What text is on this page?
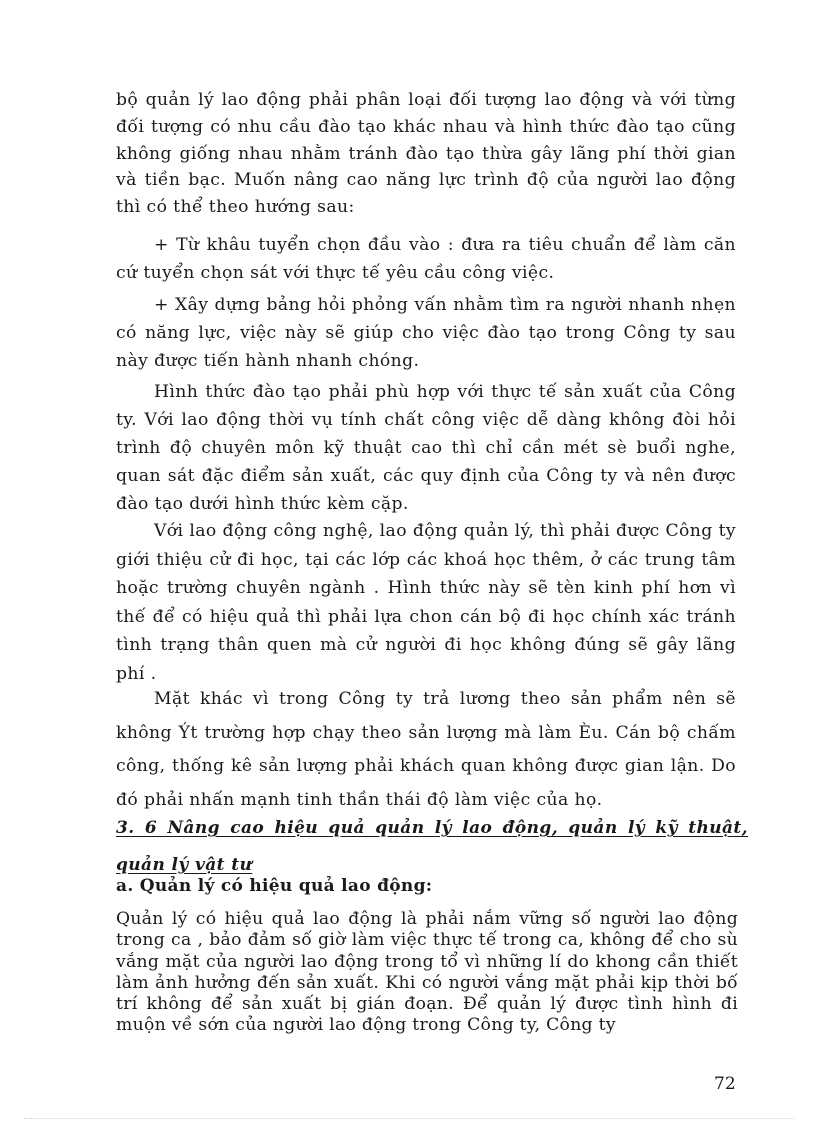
bộ quản lý lao động phải phân loại đối tượng lao động và với từng đối tượng có nhu cầu đào tạo khác nhau và hình thức đào tạo cũng không giống nhau nhằm tránh đào tạo thừa gây lãng phí thời gian và tiền bạc. Muốn nâng cao năng lực trình độ của người lao động thì có thể theo hướng sau:

+ Từ khâu tuyển chọn đầu vào : đưa ra tiêu chuẩn để làm căn cứ tuyển chọn sát với thực tế yêu cầu công việc.

+ Xây dựng bảng hỏi phỏng vấn nhằm tìm ra người nhanh nhẹn có năng lực, việc này sẽ giúp cho việc đào tạo trong Công ty sau này được tiến hành nhanh chóng.

Hình thức đào tạo phải phù hợp với thực tế sản xuất của Công ty. Với lao động thời vụ tính chất công việc dễ dàng không đòi hỏi trình độ chuyên môn kỹ thuật cao thì chỉ cần mét sè buổi nghe, quan sát đặc điểm sản xuất, các quy định của Công ty và nên được đào tạo dưới hình thức kèm cặp.

Với lao động công nghệ, lao động quản lý, thì phải được Công ty giới thiệu cử đi học, tại các lớp các khoá học thêm, ở các trung tâm hoặc trường chuyên ngành . Hình thức này sẽ tèn kinh phí hơn vì thế để có hiệu quả thì phải lựa chon cán bộ đi học chính xác tránh tình trạng thân quen mà cử người đi học không đúng sẽ gây lãng phí .

Mặt khác vì trong Công ty trả lương theo sản phẩm nên sẽ không Ýt trường hợp chạy theo sản lượng mà làm Èu. Cán bộ chấm công, thống kê sản lượng phải khách quan không được gian lận. Do đó phải nhấn mạnh tinh thần thái độ làm việc của họ.

3. 6 Nâng cao hiệu quả quản lý lao động, quản lý kỹ thuật, quản lý vật tư

a. Quản lý có hiệu quả lao động:

Quản lý có hiệu quả lao động là phải nắm vững số người lao động trong ca , bảo đảm số giờ làm việc thực tế trong ca, không để cho sù vắng mặt của người lao động trong tổ vì những lí do khong cần thiết làm ảnh hưởng đến sản xuất. Khi có người vắng mặt phải kịp thời bố trí không để sản xuất bị gián đoạn. Để quản lý được tình hình đi muộn về sớn của người lao động trong Công ty, Công ty

72
